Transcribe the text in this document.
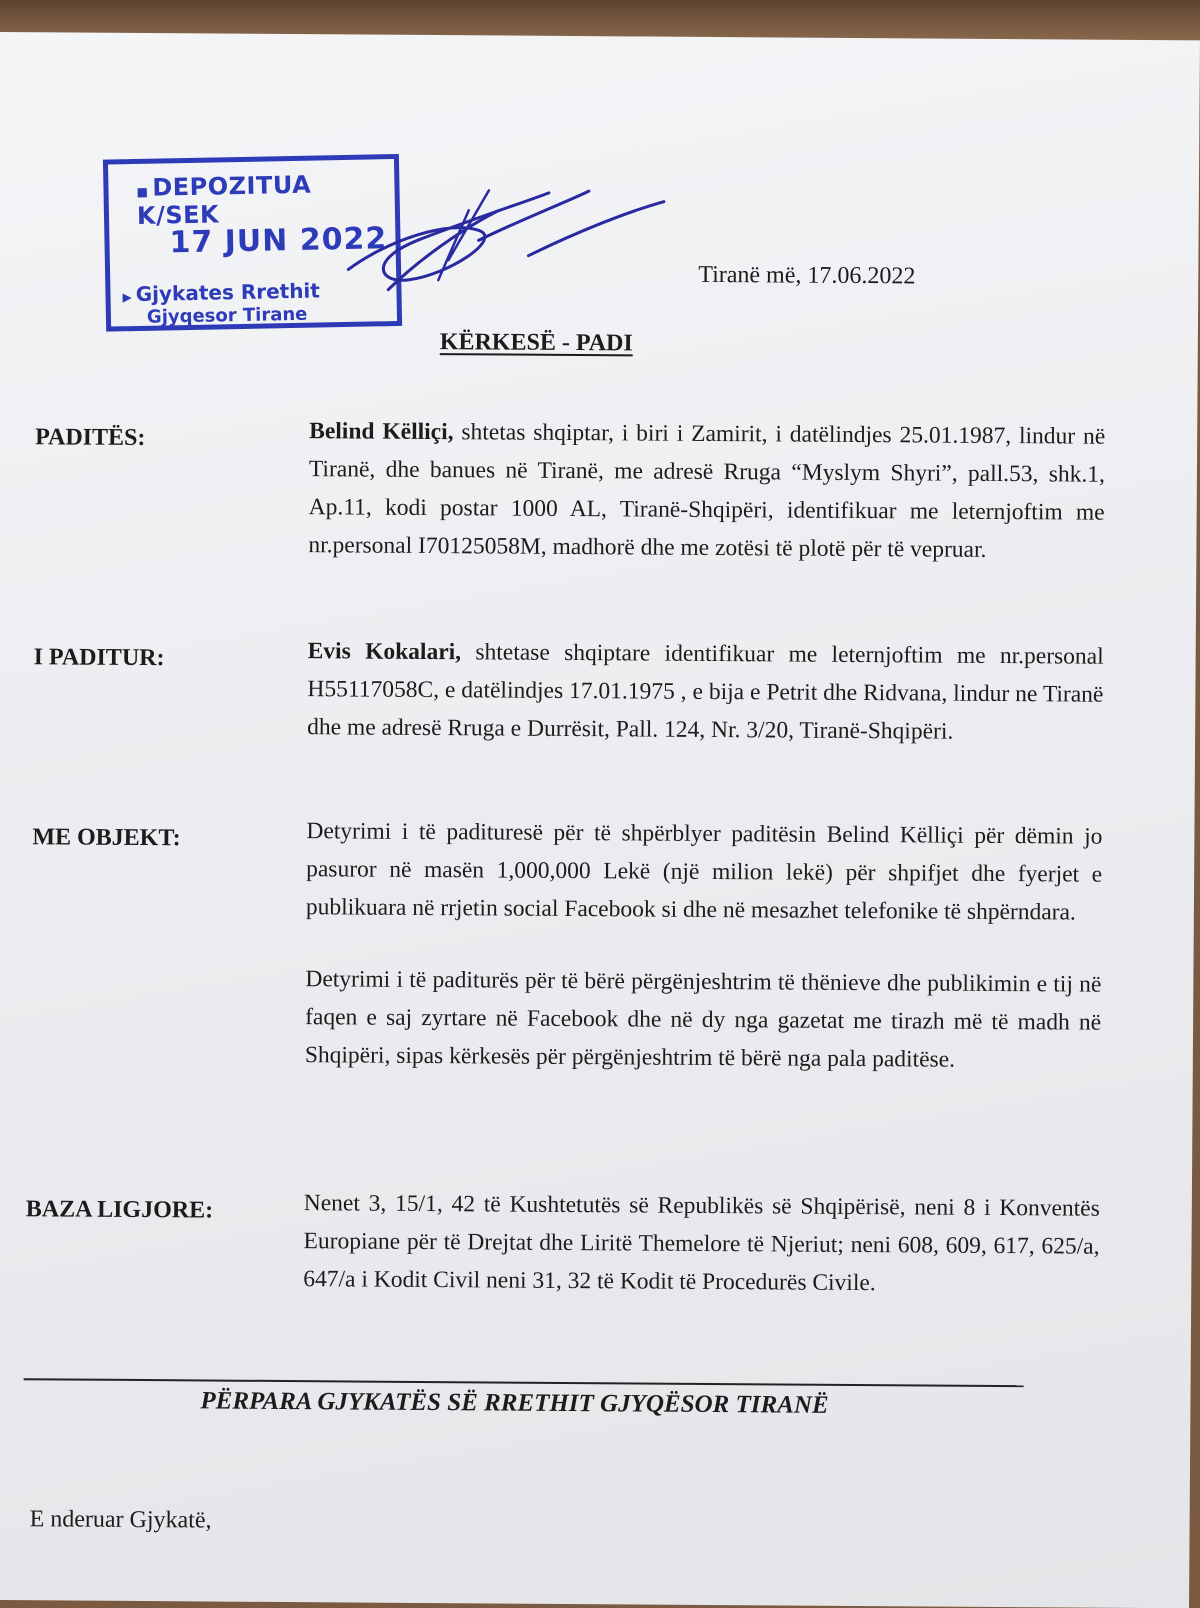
■ DEPOZITUA K/SEK
17 JUN 2022
▶ Gjykates Rrethit
Gjyqesor Tirane
Tiranë më, 17.06.2022
KËRKESË - PADI
PADITËS:	Belind Këlliçi, shtetas shqiptar, i biri i Zamirit, i datëlindjes 25.01.1987, lindur në Tiranë, dhe banues në Tiranë, me adresë Rruga “Myslym Shyri”, pall.53, shk.1, Ap.11, kodi postar 1000 AL, Tiranë-Shqipëri, identifikuar me leternjoftim me nr.personal I70125058M, madhorë dhe me zotësi të plotë për të vepruar.
I PADITUR:	Evis Kokalari, shtetase shqiptare identifikuar me leternjoftim me nr.personal H55117058C, e datëlindjes 17.01.1975 , e bija e Petrit dhe Ridvana, lindur ne Tiranë dhe me adresë Rruga e Durrësit, Pall. 124, Nr. 3/20, Tiranë-Shqipëri.
ME OBJEKT:	Detyrimi i të padituresë për të shpërblyer paditësin Belind Këlliçi për dëmin jo pasuror në masën 1,000,000 Lekë (një milion lekë) për shpifjet dhe fyerjet e publikuara në rrjetin social Facebook si dhe në mesazhet telefonike të shpërndara.
Detyrimi i të paditurës për të bërë përgënjeshtrim të thënieve dhe publikimin e tij në faqen e saj zyrtare në Facebook dhe në dy nga gazetat me tirazh më të madh në Shqipëri, sipas kërkesës për përgënjeshtrim të bërë nga pala paditëse.
BAZA LIGJORE:	Nenet 3, 15/1, 42 të Kushtetutës së Republikës së Shqipërisë, neni 8 i Konventës Europiane për të Drejtat dhe Liritë Themelore të Njeriut; neni 608, 609, 617, 625/a, 647/a i Kodit Civil neni 31, 32 të Kodit të Procedurës Civile.
PËRPARA GJYKATËS SË RRETHIT GJYQËSOR TIRANË
E nderuar Gjykatë,
